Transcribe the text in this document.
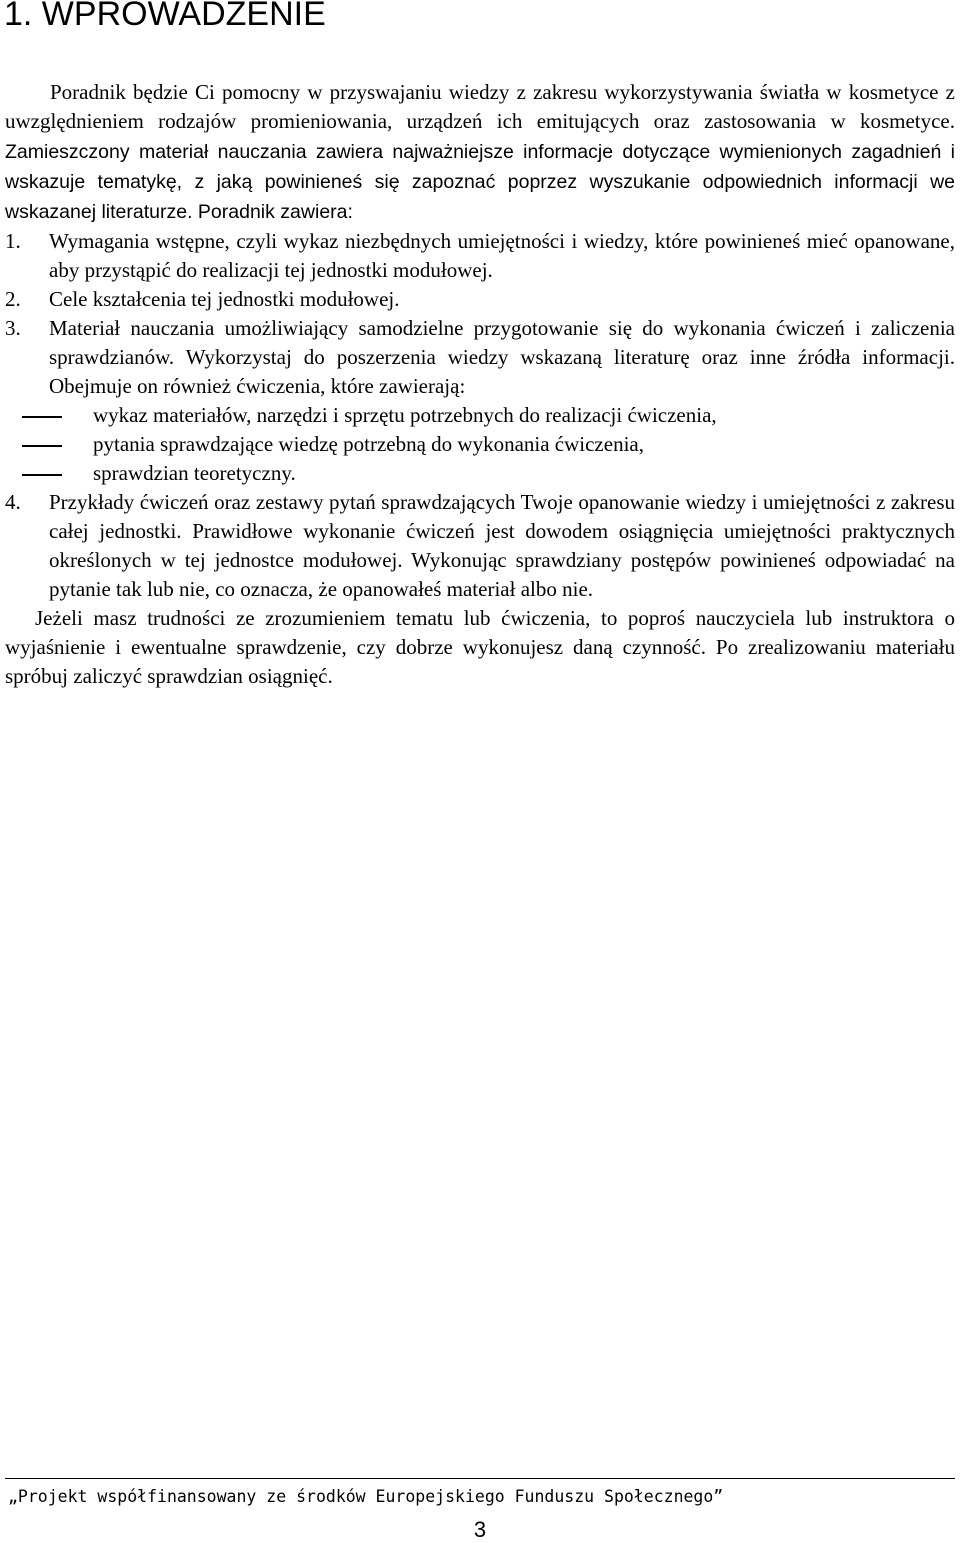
1. WPROWADZENIE

Poradnik będzie Ci pomocny w przyswajaniu wiedzy z zakresu wykorzystywania światła w kosmetyce z uwzględnieniem rodzajów promieniowania, urządzeń ich emitujących oraz zastosowania w kosmetyce. Zamieszczony materiał nauczania zawiera najważniejsze informacje dotyczące wymienionych zagadnień i wskazuje tematykę, z jaką powinieneś się zapoznać poprzez wyszukanie odpowiednich informacji we wskazanej literaturze. Poradnik zawiera:

1. Wymagania wstępne, czyli wykaz niezbędnych umiejętności i wiedzy, które powinieneś mieć opanowane, aby przystąpić do realizacji tej jednostki modułowej.
2. Cele kształcenia tej jednostki modułowej.
3. Materiał nauczania umożliwiający samodzielne przygotowanie się do wykonania ćwiczeń i zaliczenia sprawdzianów. Wykorzystaj do poszerzenia wiedzy wskazaną literaturę oraz inne źródła informacji. Obejmuje on również ćwiczenia, które zawierają:
wykaz materiałów, narzędzi i sprzętu potrzebnych do realizacji ćwiczenia,
pytania sprawdzające wiedzę potrzebną do wykonania ćwiczenia,
sprawdzian teoretyczny.
4. Przykłady ćwiczeń oraz zestawy pytań sprawdzających Twoje opanowanie wiedzy i umiejętności z zakresu całej jednostki. Prawidłowe wykonanie ćwiczeń jest dowodem osiągnięcia umiejętności praktycznych określonych w tej jednostce modułowej. Wykonując sprawdziany postępów powinieneś odpowiadać na pytanie tak lub nie, co oznacza, że opanowałeś materiał albo nie.

Jeżeli masz trudności ze zrozumieniem tematu lub ćwiczenia, to poproś nauczyciela lub instruktora o wyjaśnienie i ewentualne sprawdzenie, czy dobrze wykonujesz daną czynność. Po zrealizowaniu materiału spróbuj zaliczyć sprawdzian osiągnięć.

„Projekt współfinansowany ze środków Europejskiego Funduszu Społecznego”
3
